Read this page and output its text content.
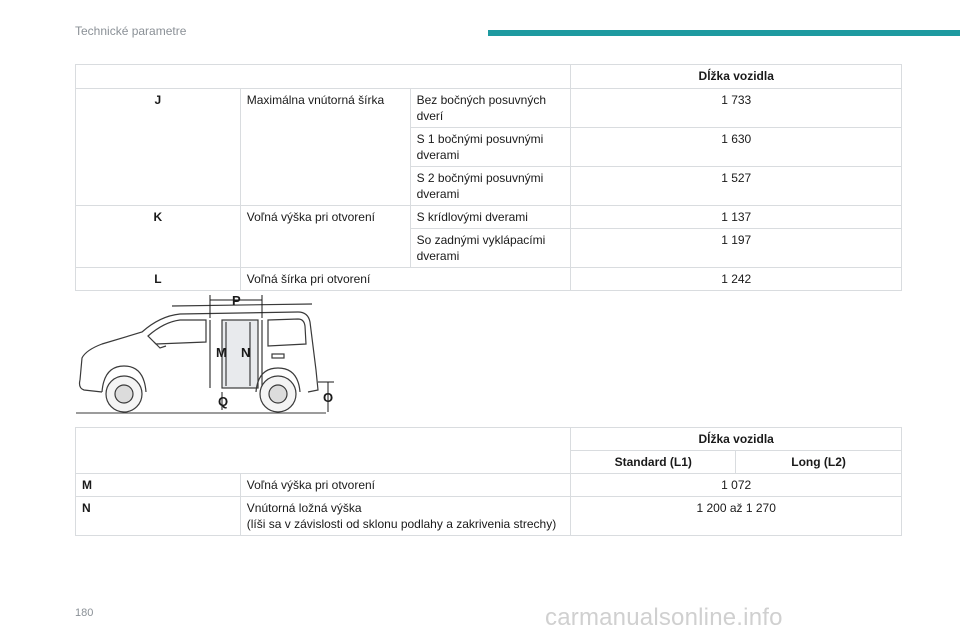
Technické parametre
			Dĺžka vozidla
J	Maximálna vnútorná šírka	Bez bočných posuvných dverí	1 733
		S 1 bočnými posuvnými dverami	1 630
		S 2 bočnými posuvnými dverami	1 527
K	Voľná výška pri otvorení	S krídlovými dverami	1 137
		So zadnými vyklápacími dverami	1 197
L	Voľná šírka pri otvorení		1 242
P
M N
Q	O
		Dĺžka vozidla	
		Standard (L1)	Long (L2)
M	Voľná výška pri otvorení	1 072	
N	Vnútorná ložná výška
(líši sa v závislosti od sklonu podlahy a zakrivenia strechy)	1 200 až 1 270	
180	carmanualsonline.info
